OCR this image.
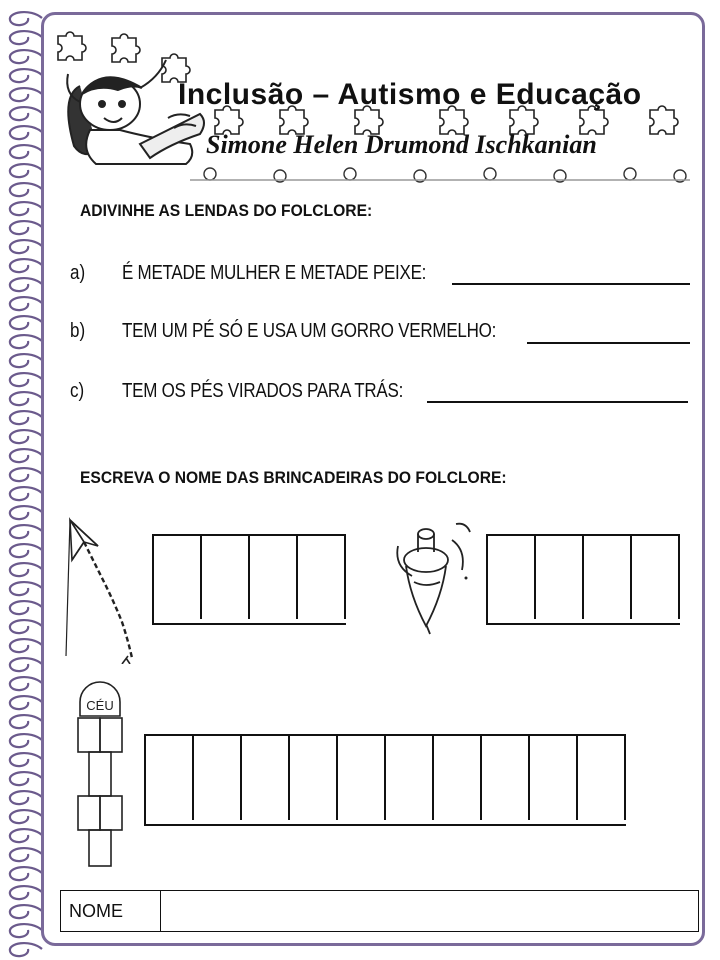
Inclusão – Autismo e Educação
Simone Helen Drumond Ischkanian
ADIVINHE AS LENDAS DO FOLCLORE:
a) É METADE MULHER E METADE PEIXE:
b) TEM UM PÉ SÓ E USA UM GORRO VERMELHO:
c) TEM OS PÉS VIRADOS PARA TRÁS:
ESCREVA O NOME DAS BRINCADEIRAS DO FOLCLORE:
CÉU
NOME
